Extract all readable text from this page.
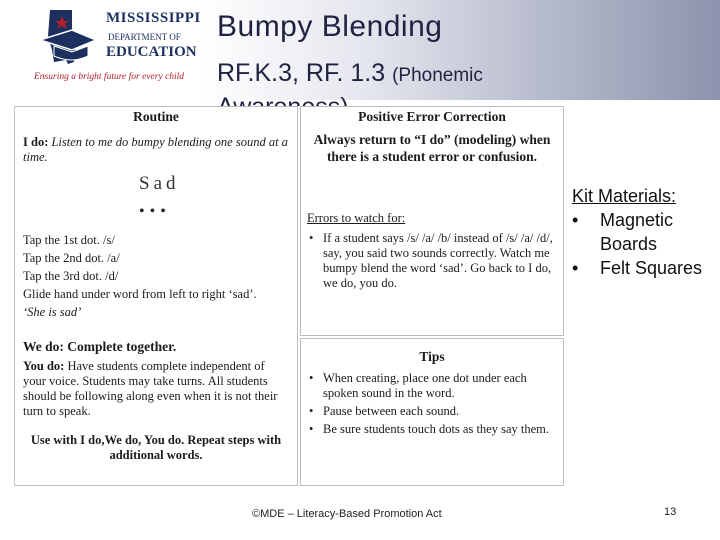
MISSISSIPPI
DEPARTMENT OF
EDUCATION
Ensuring a bright future for every child
Bumpy Blending
RF.K.3, RF. 1.3 (Phonemic
Routine
I do: Listen to me do bumpy blending one sound at a time.
Sad
•••
Tap the 1st dot. /s/
Tap the 2nd dot. /a/
Tap the 3rd dot. /d/
Glide hand under word from left to right ‘sad’.
‘She is sad’
We do: Complete together.
You do: Have students complete independent of your voice. Students may take turns. All students should be following along even when it is not their turn to speak.
Use with I do,We do, You do. Repeat steps with additional words.
Positive Error Correction
Always return to “I do” (modeling) when there is a student error or confusion.
Errors to watch for:
• If a student says /s/ /a/ /b/ instead of /s/ /a/ /d/, say, you said two sounds correctly. Watch me bumpy blend the word ‘sad’. Go back to I do, we do, you do.
Tips
• When creating, place one dot under each spoken sound in the word.
• Pause between each sound.
• Be sure students touch dots as they say them.
Kit Materials:
• Magnetic Boards
• Felt Squares
©MDE – Literacy-Based Promotion Act	13
